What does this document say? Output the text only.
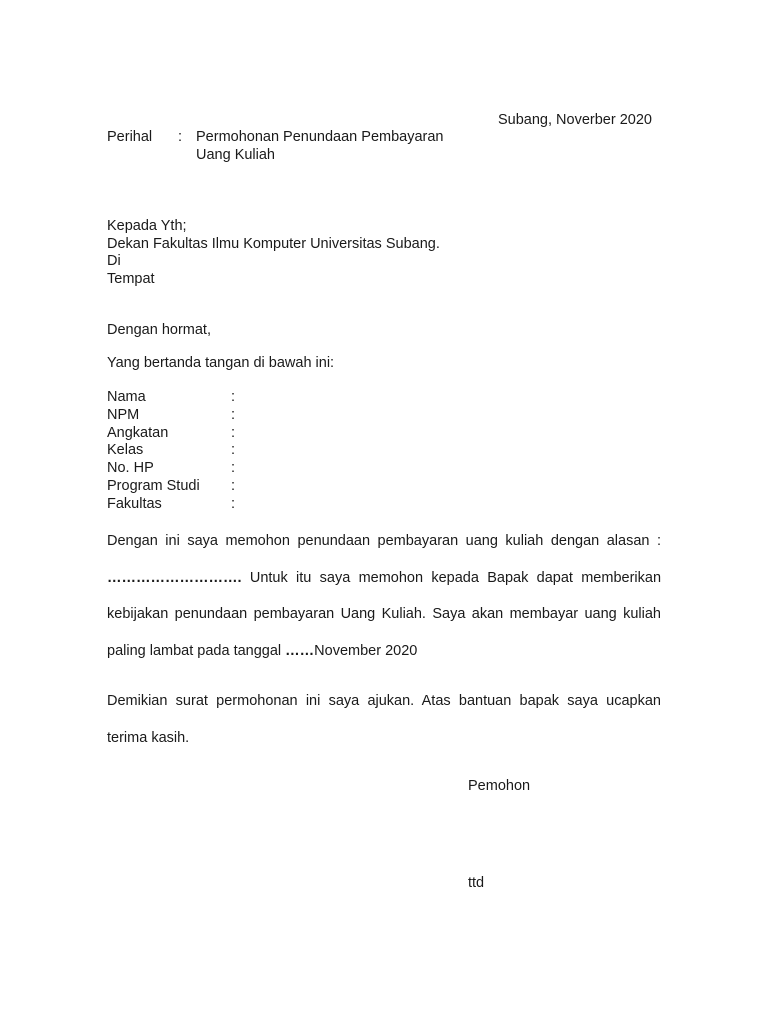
Subang, Noverber 2020
Perihal : Permohonan Penundaan Pembayaran
Uang Kuliah
Kepada Yth;
Dekan Fakultas Ilmu Komputer Universitas Subang.
Di
Tempat
Dengan hormat,
Yang bertanda tangan di bawah ini:
Nama	:
NPM	:
Angkatan	:
Kelas	:
No. HP	:
Program Studi :
Fakultas	:
Dengan ini saya memohon penundaan pembayaran uang kuliah dengan alasan :
………………………. Untuk itu saya memohon kepada Bapak dapat memberikan
kebijakan penundaan pembayaran Uang Kuliah. Saya akan membayar uang kuliah
paling lambat pada tanggal ……November 2020
Demikian surat permohonan ini saya ajukan. Atas bantuan bapak saya ucapkan
terima kasih.
Pemohon
ttd
